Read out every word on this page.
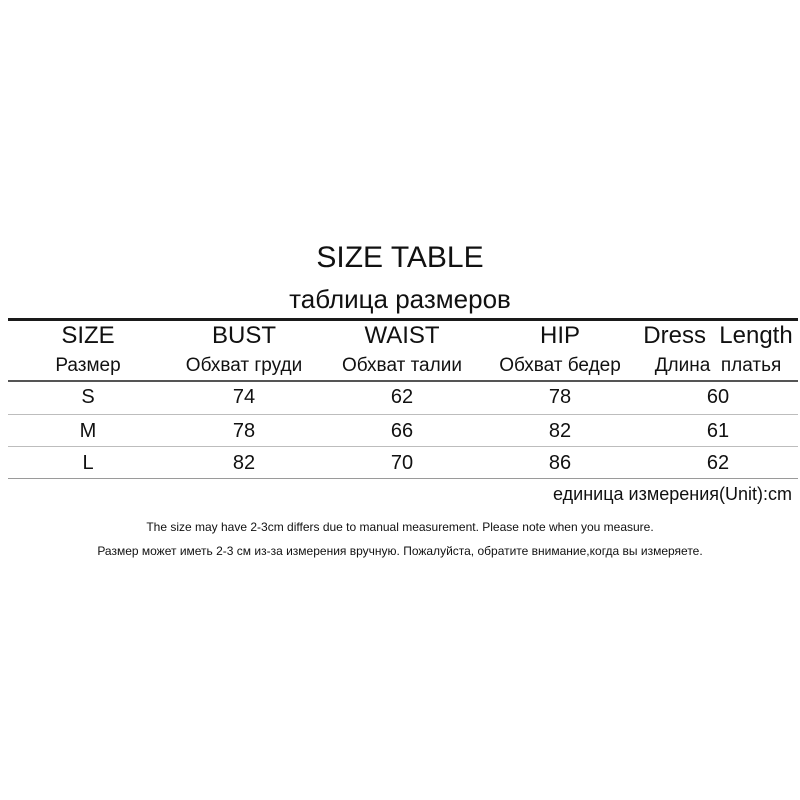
SIZE TABLE
таблица размеров
SIZE	BUST	WAIST	HIP	Dress  Length
Размер	Обхват груди	Обхват талии	Обхват бедер	Длина  платья
S	74	62	78	60
M	78	66	82	61
L	82	70	86	62
единица измерения(Unit):cm
The size may have 2-3cm differs due to manual measurement. Please note when you measure.
Размер может иметь 2-3 см из-за измерения вручную. Пожалуйста, обратите внимание,когда вы измеряете.
